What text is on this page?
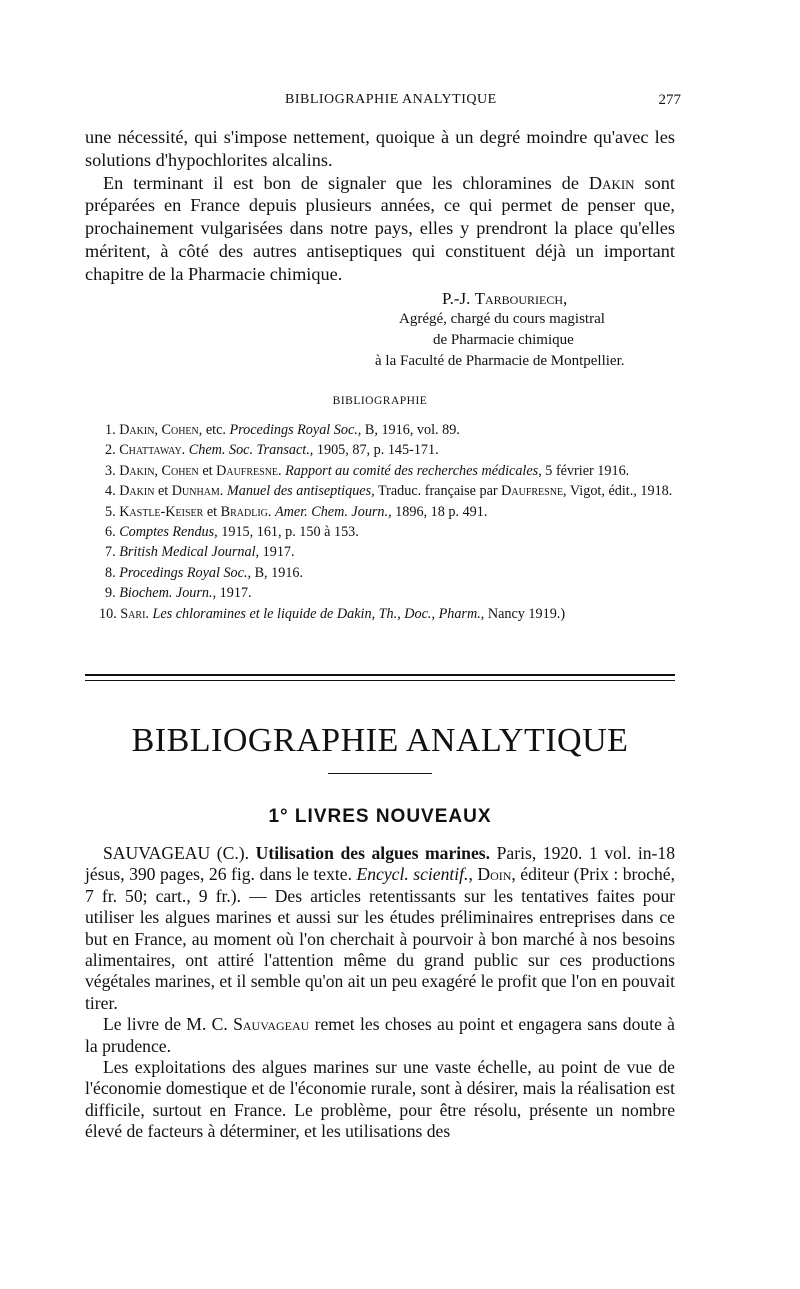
BIBLIOGRAPHIE ANALYTIQUE	277

une nécessité, qui s'impose nettement, quoique à un degré moindre qu'avec les solutions d'hypochlorites alcalins.

En terminant il est bon de signaler que les chloramines de Dakin sont préparées en France depuis plusieurs années, ce qui permet de penser que, prochainement vulgarisées dans notre pays, elles y prendront la place qu'elles méritent, à côté des autres antiseptiques qui constituent déjà un important chapitre de la Pharmacie chimique.

P.-J. Tarbouriech,
Agrégé, chargé du cours magistral
de Pharmacie chimique
à la Faculté de Pharmacie de Montpellier.
BIBLIOGRAPHIE
1. Dakin, Cohen, etc. Procedings Royal Soc., B, 1916, vol. 89.
2. Chattaway. Chem. Soc. Transact., 1905, 87, p. 145-171.
3. Dakin, Cohen et Daufresne. Rapport au comité des recherches médicales, 5 février 1916.
4. Dakin et Dunham. Manuel des antiseptiques, Traduc. française par Daufresne, Vigot, édit., 1918.
5. Kastle-Keiser et Bradlig. Amer. Chem. Journ., 1896, 18 p. 491.
6. Comptes Rendus, 1915, 161, p. 150 à 153.
7. British Medical Journal, 1917.
8. Procedings Royal Soc., B, 1916.
9. Biochem. Journ., 1917.
10. Sari. Les chloramines et le liquide de Dakin, Th., Doc., Pharm., Nancy 1919.)
BIBLIOGRAPHIE ANALYTIQUE
1° LIVRES NOUVEAUX

SAUVAGEAU (C.). Utilisation des algues marines. Paris, 1920. 1 vol. in-18 jésus, 390 pages, 26 fig. dans le texte. Encycl. scientif., Doin, éditeur (Prix : broché, 7 fr. 50; cart., 9 fr.). — Des articles retentissants sur les tentatives faites pour utiliser les algues marines et aussi sur les études préliminaires entreprises dans ce but en France, au moment où l'on cherchait à pourvoir à bon marché à nos besoins alimentaires, ont attiré l'attention même du grand public sur ces productions végétales marines, et il semble qu'on ait un peu exagéré le profit que l'on en pouvait tirer.

Le livre de M. C. Sauvageau remet les choses au point et engagera sans doute à la prudence.

Les exploitations des algues marines sur une vaste échelle, au point de vue de l'économie domestique et de l'économie rurale, sont à désirer, mais la réalisation est difficile, surtout en France. Le problème, pour être résolu, présente un nombre élevé de facteurs à déterminer, et les utilisations des
